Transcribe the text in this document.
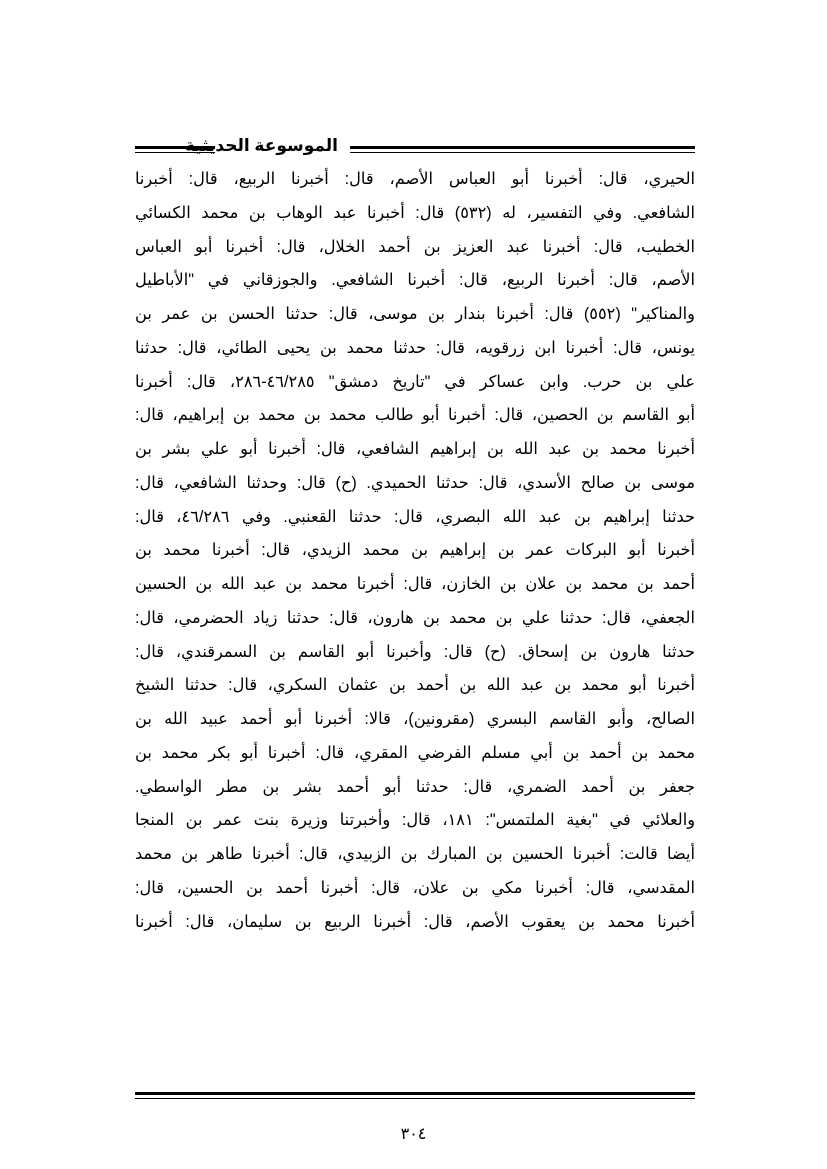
الموسوعة الحديثية
الحيري، قال: أخبرنا أبو العباس الأصم، قال: أخبرنا الربيع، قال: أخبرنا
الشافعي. وفي التفسير، له (٥٣٢) قال: أخبرنا عبد الوهاب بن محمد الكسائي
الخطيب، قال: أخبرنا عبد العزيز بن أحمد الخلال، قال: أخبرنا أبو العباس
الأصم، قال: أخبرنا الربيع، قال: أخبرنا الشافعي. والجوزقاني في "الأباطيل
والمناكير" (٥٥٢) قال: أخبرنا بندار بن موسى، قال: حدثنا الحسن بن عمر بن
يونس، قال: أخبرنا ابن زرقويه، قال: حدثنا محمد بن يحيى الطائي، قال: حدثنا
علي بن حرب. وابن عساكر في "تاريخ دمشق" ٤٦/٢٨٥-٢٨٦، قال: أخبرنا
أبو القاسم بن الحصين، قال: أخبرنا أبو طالب محمد بن محمد بن إبراهيم، قال:
أخبرنا محمد بن عبد الله بن إبراهيم الشافعي، قال: أخبرنا أبو علي بشر بن
موسى بن صالح الأسدي، قال: حدثنا الحميدي. (ح) قال: وحدثنا الشافعي، قال:
حدثنا إبراهيم بن عبد الله البصري، قال: حدثنا القعنبي. وفي ٤٦/٢٨٦، قال:
أخبرنا أبو البركات عمر بن إبراهيم بن محمد الزيدي، قال: أخبرنا محمد بن
أحمد بن محمد بن علان بن الخازن، قال: أخبرنا محمد بن عبد الله بن الحسين
الجعفي، قال: حدثنا علي بن محمد بن هارون، قال: حدثنا زياد الحضرمي، قال:
حدثنا هارون بن إسحاق. (ح) قال: وأخبرنا أبو القاسم بن السمرقندي، قال:
أخبرنا أبو محمد بن عبد الله بن أحمد بن عثمان السكري، قال: حدثنا الشيخ
الصالح، وأبو القاسم البسري (مقرونين)، قالا: أخبرنا أبو أحمد عبيد الله بن
محمد بن أحمد بن أبي مسلم الفرضي المقري، قال: أخبرنا أبو بكر محمد بن
جعفر بن أحمد الضمري، قال: حدثنا أبو أحمد بشر بن مطر الواسطي.
والعلائي في "بغية الملتمس": ١٨١، قال: وأخبرتنا وزيرة بنت عمر بن المنجا
أيضا قالت: أخبرنا الحسين بن المبارك بن الزبيدي، قال: أخبرنا طاهر بن محمد
المقدسي، قال: أخبرنا مكي بن علان، قال: أخبرنا أحمد بن الحسين، قال:
أخبرنا محمد بن يعقوب الأصم، قال: أخبرنا الربيع بن سليمان، قال: أخبرنا
٣٠٤
